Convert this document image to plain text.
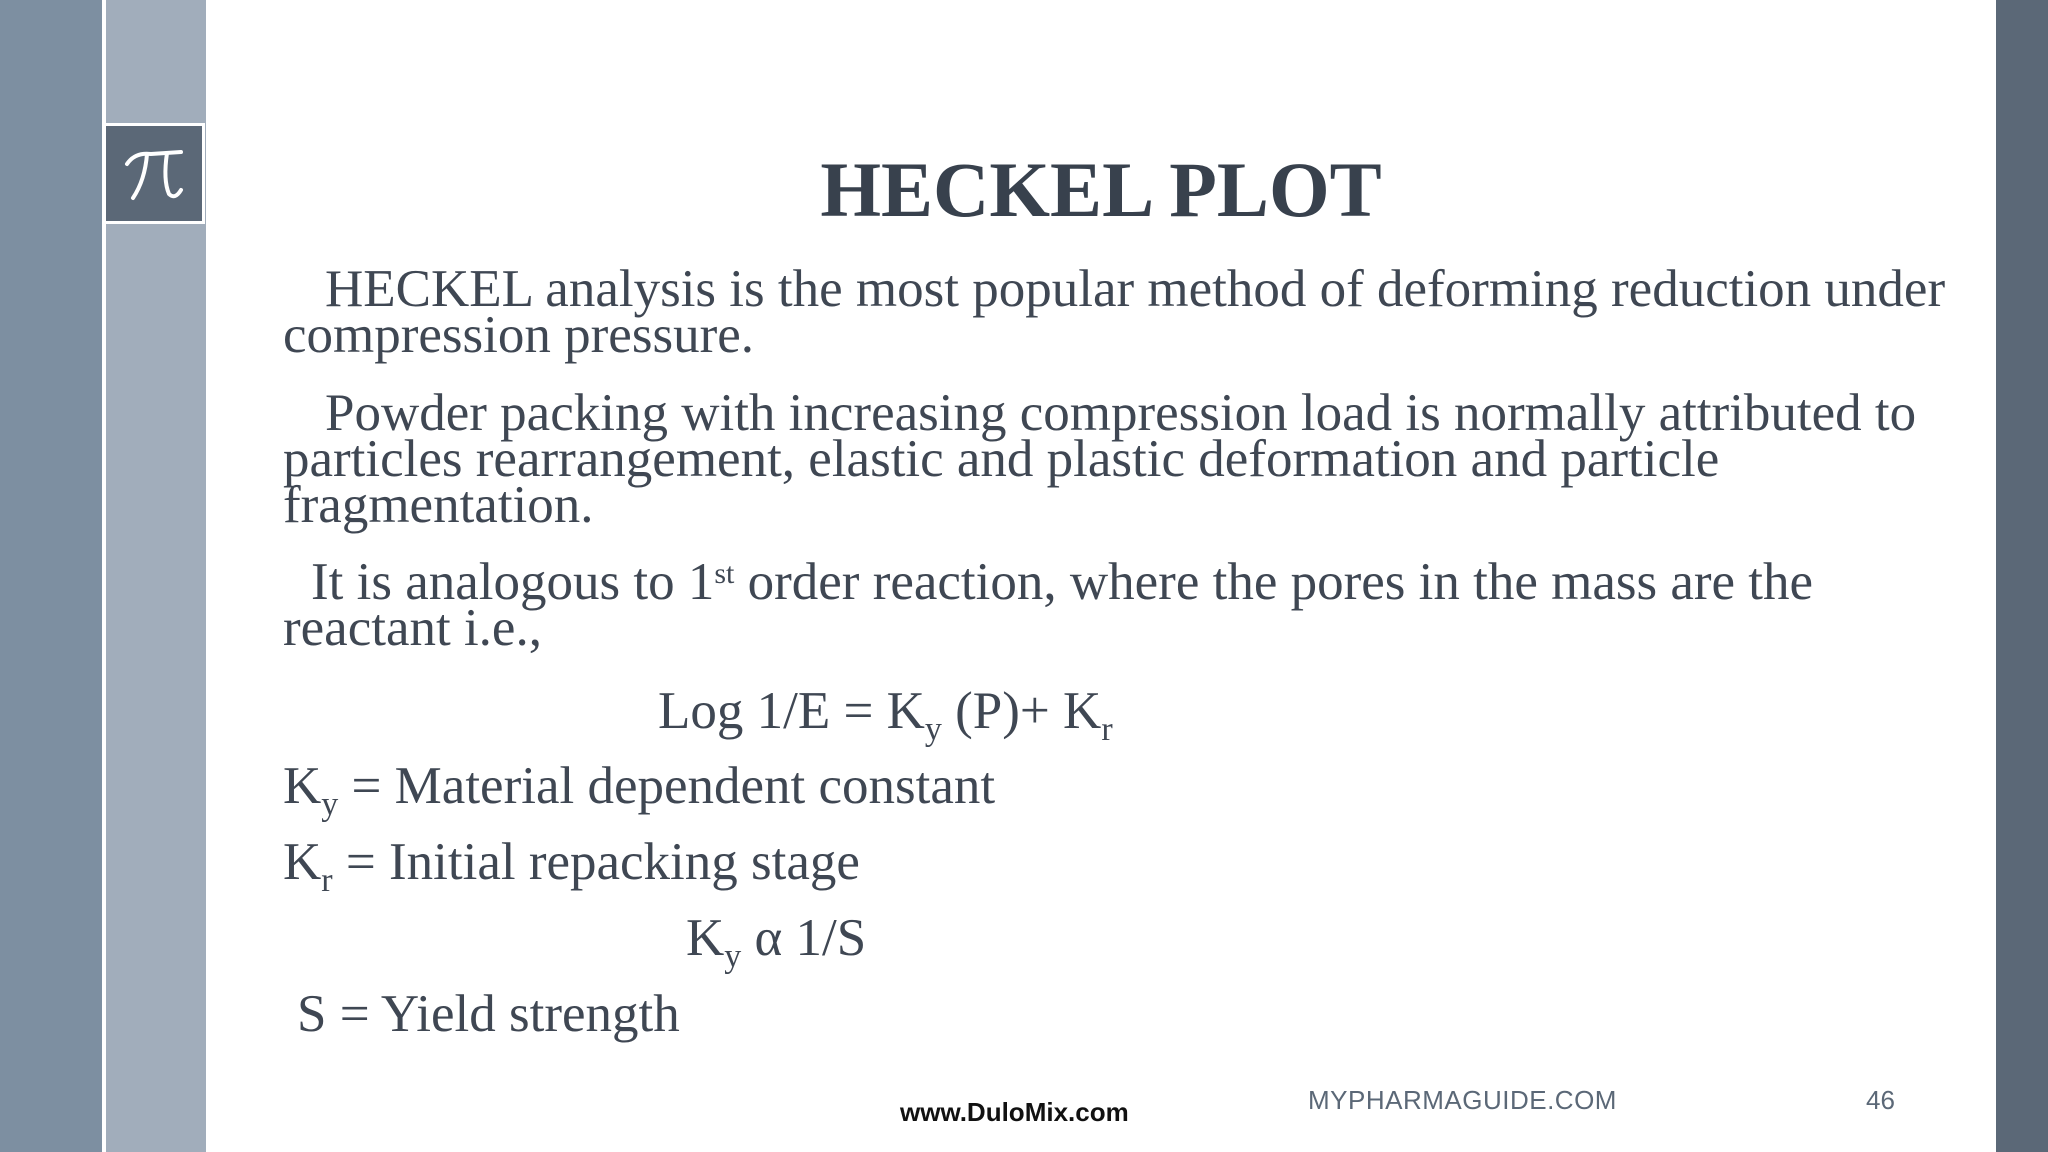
HECKEL PLOT

HECKEL analysis is the most popular method of deforming reduction under compression pressure.

Powder packing with increasing compression load is normally attributed to particles rearrangement, elastic and plastic deformation and particle fragmentation.

It is analogous to 1st order reaction, where the pores in the mass are the reactant i.e.,

Log $1/E = K_y$ $(P)+ K_r$
$K_y$ = Material dependent constant
$K_r$ = Initial repacking stage
$K_y$ α 1/S
S = Yield strength
www.DuloMix.com	MYPHARMAGUIDE.COM	46
